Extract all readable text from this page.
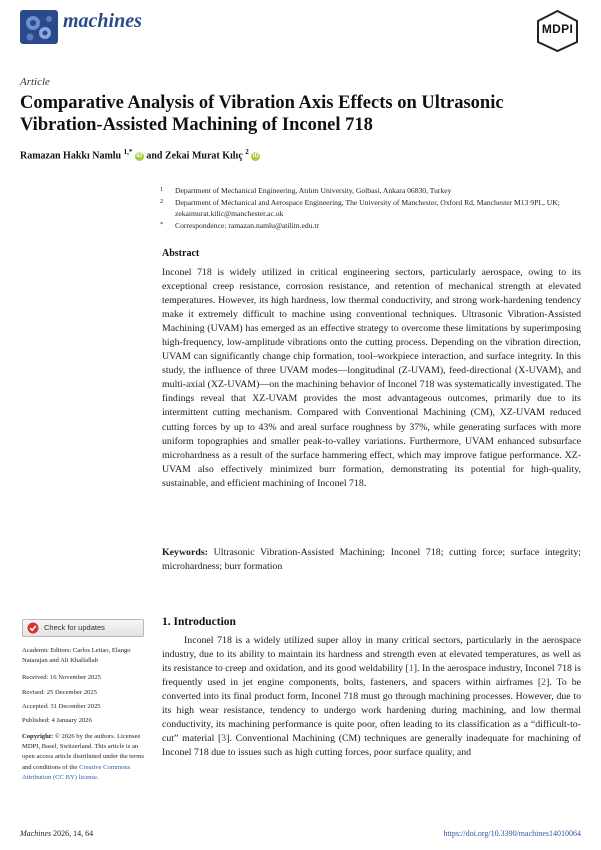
machines	MDPI
Article
Comparative Analysis of Vibration Axis Effects on Ultrasonic Vibration-Assisted Machining of Inconel 718
Ramazan Hakkı Namlu $^{1,*}$ iD and Zekai Murat Kılıç $^2$ iD
1 Department of Mechanical Engineering, Atılım University, Golbasi, Ankara 06830, Turkey
2 Department of Mechanical and Aerospace Engineering, The University of Manchester, Oxford Rd, Manchester M13 9PL, UK; zekaimurat.kilic@manchester.ac.uk
* Correspondence: ramazan.namlu@atilim.edu.tr
Abstract
Inconel 718 is widely utilized in critical engineering sectors, particularly aerospace, owing to its exceptional creep resistance, corrosion resistance, and retention of mechanical strength at elevated temperatures. However, its high hardness, low thermal conductivity, and strong work-hardening tendency make it extremely difficult to machine using conventional techniques. Ultrasonic Vibration-Assisted Machining (UVAM) has emerged as an effective strategy to overcome these limitations by superimposing high-frequency, low-amplitude vibrations onto the cutting process. Depending on the vibration direction, UVAM can significantly change chip formation, tool–workpiece interaction, and surface integrity. In this study, the influence of three UVAM modes—longitudinal (Z-UVAM), feed-directional (X-UVAM), and multi-axial (XZ-UVAM)—on the machining behavior of Inconel 718 was systematically investigated. The findings reveal that XZ-UVAM provides the most advantageous outcomes, primarily due to its intermittent cutting mechanism. Compared with Conventional Machining (CM), XZ-UVAM reduced cutting forces by up to 43% and areal surface roughness by 37%, while generating surfaces with more uniform topographies and smaller peak-to-valley variations. Furthermore, UVAM enhanced subsurface microhardness as a result of the surface hammering effect, which may improve fatigue performance. XZ-UVAM also effectively minimized burr formation, demonstrating its potential for high-quality, sustainable, and efficient machining of Inconel 718.
Keywords: Ultrasonic Vibration-Assisted Machining; Inconel 718; cutting force; surface integrity; microhardness; burr formation
Check for updates
Academic Editors: Carlos Letiao, Elango Natarajan and Ali Khalfallah
Received: 16 November 2025
Revised: 25 December 2025
Accepted: 31 December 2025
Published: 4 January 2026
Copyright: © 2026 by the authors. Licensee MDPI, Basel, Switzerland. This article is an open access article distributed under the terms and conditions of the Creative Commons Attribution (CC BY) license.
1. Introduction
Inconel 718 is a widely utilized super alloy in many critical sectors, particularly in the aerospace industry, due to its ability to maintain its hardness and strength even at elevated temperatures, as well as its resistance to creep and oxidation, and its good weldability [1]. In the aerospace industry, Inconel 718 is frequently used in jet engine components, bolts, fasteners, and spacers within airframes [2]. To be converted into its final product form, Inconel 718 must go through machining processes. However, due to its high wear resistance, tendency to undergo work hardening during machining, and low thermal conductivity, its machining performance is quite poor, often leading to its classification as a “difficult-to-cut” material [3]. Conventional Machining (CM) techniques are generally inadequate for machining of Inconel 718 due to issues such as high cutting forces, poor surface quality, and
Machines 2026, 14, 64	https://doi.org/10.3390/machines14010064
